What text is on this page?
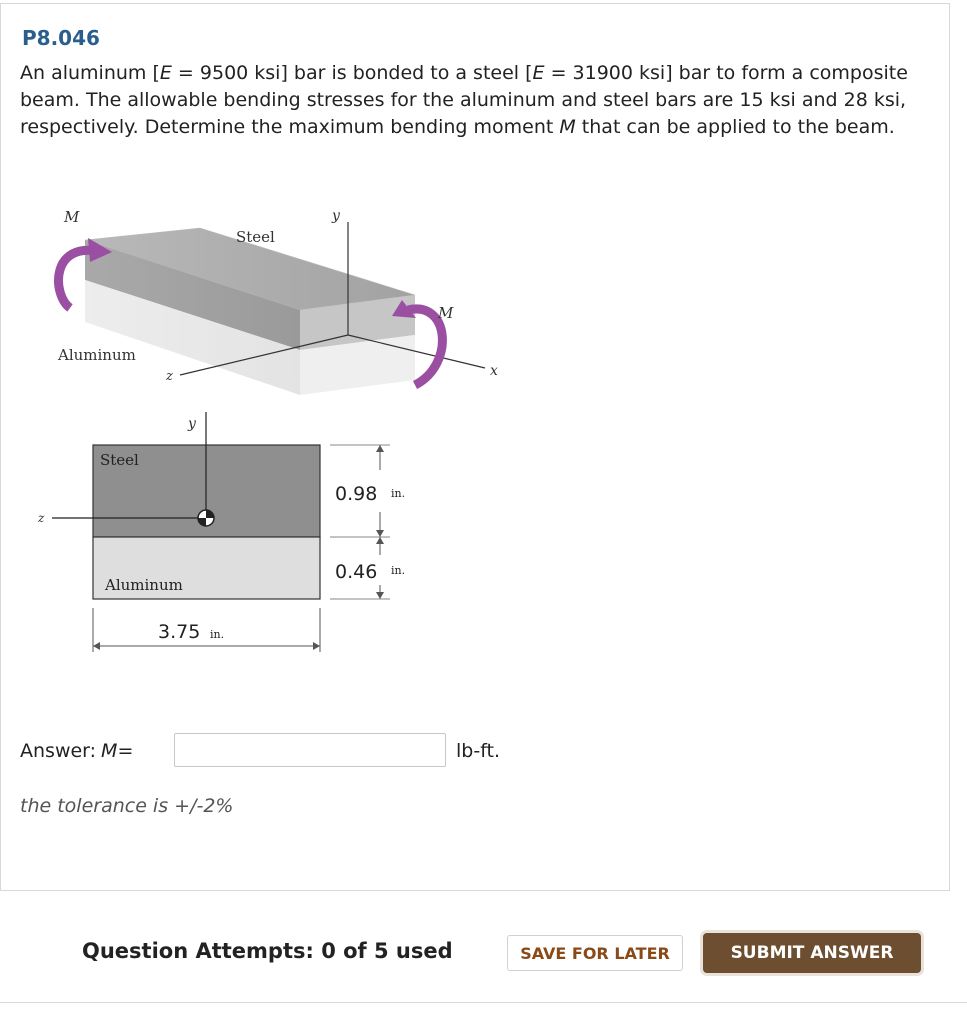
P8.046
An aluminum [E = 9500 ksi] bar is bonded to a steel [E = 31900 ksi] bar to form a composite beam. The allowable bending stresses for the aluminum and steel bars are 15 ksi and 28 ksi, respectively. Determine the maximum bending moment M that can be applied to the beam.
M
Steel
y
M
Aluminum
z	x
y
Steel
z
Aluminum
0.98 in.
0.46 in.
3.75 in.
Answer: M =	lb-ft.
the tolerance is +/-2%
Question Attempts: 0 of 5 used	SAVE FOR LATER	SUBMIT ANSWER
